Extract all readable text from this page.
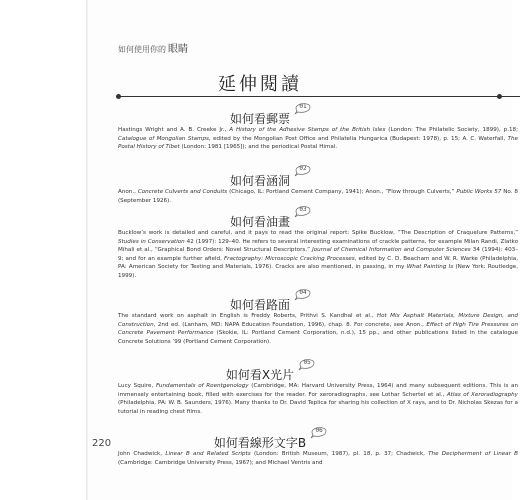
如何使用你的 眼睛
延伸閱讀
如何看郵票
01

Hastings Wright and A. B. Creeke Jr., A History of the Adhesive Stamps of the British Isles (London: The Philatelic Society, 1899), p.18; Catalogue of Mongolian Stamps, edited by the Mongolian Post Office and Philatelia Hungarica (Budapest: 1978), p. 15; A. C. Waterfall, The Postal History of Tibet (London: 1981 [1965]); and the periodical Postal Himal.

如何看涵洞
02

Anon., Concrete Culverts and Conduits (Chicago, IL: Portland Cement Company, 1941); Anon., “Flow through Culverts,” Public Works 57 No. 8 (September 1926).

如何看油畫
03

Bucklow’s work is detailed and careful, and it pays to read the original report: Spike Bucklow, “The Description of Craquelure Patterns,” Studies in Conservation 42 (1997): 129–40. He refers to several interesting examinations of crackle patterns, for example Milan Randi, Zlatko Mihali et al., “Graphical Bond Orders: Novel Structural Descriptors,” Journal of Chemical Information and Computer Sciences 34 (1994): 403–9; and for an example further afield, Fractography: Microscopic Cracking Processes, edited by C. D. Beacham and W. R. Warke (Philadelphia, PA: American Society for Testing and Materials, 1976). Cracks are also mentioned, in passing, in my What Painting Is (New York: Routledge, 1999).

如何看路面
04

The standard work on asphalt in English is Freddy Roberts, Prithvi S. Kandhal et al., Hot Mix Asphalt Materials, Mixture Design, and Construction, 2nd ed. (Lanham, MD: NAPA Education Foundation, 1996), chap. 8. For concrete, see Anon., Effect of High Tire Pressures on Concrete Pavement Performance (Skokie, IL: Portland Cement Corporation, n.d.), 15 pp., and other publications listed in the catalogue Concrete Solutions ’99 (Portland Cement Corporation).

如何看X光片
05

Lucy Squire, Fundamentals of Roentgenology (Cambridge, MA: Harvard University Press, 1964) and many subsequent editions. This is an immensely entertaining book, filled with exercises for the reader. For xeroradiographs, see Lothar Schertel et al., Atlas of Xeroradiography (Philadelphia, PA: W. B. Saunders, 1976). Many thanks to Dr. David Teplica for sharing his collection of X rays, and to Dr. Nicholas Skezas for a tutorial in reading chest films.

220	如何看線形文字B
06

John Chadwick, Linear B and Related Scripts (London: British Museum, 1987), pl. 18, p. 37; Chadwick, The Decipherment of Linear B (Cambridge: Cambridge University Press, 1967); and Michael Ventris and
